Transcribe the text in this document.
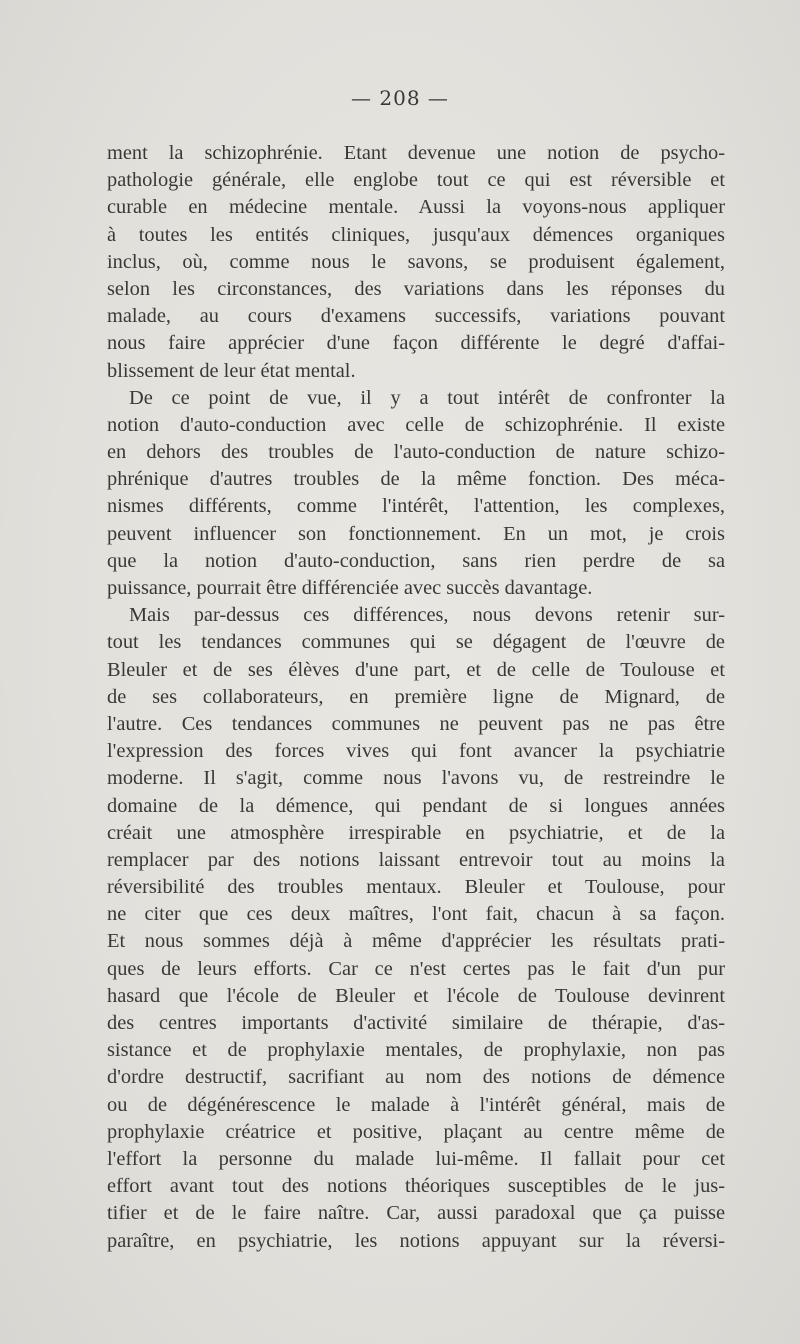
— 208 —
ment la schizophrénie. Etant devenue une notion de psycho-
pathologie générale, elle englobe tout ce qui est réversible et
curable en médecine mentale. Aussi la voyons-nous appliquer
à toutes les entités cliniques, jusqu'aux démences organiques
inclus, où, comme nous le savons, se produisent également,
selon les circonstances, des variations dans les réponses du
malade, au cours d'examens successifs, variations pouvant
nous faire apprécier d'une façon différente le degré d'affai-
blissement de leur état mental.
De ce point de vue, il y a tout intérêt de confronter la
notion d'auto-conduction avec celle de schizophrénie. Il existe
en dehors des troubles de l'auto-conduction de nature schizo-
phrénique d'autres troubles de la même fonction. Des méca-
nismes différents, comme l'intérêt, l'attention, les complexes,
peuvent influencer son fonctionnement. En un mot, je crois
que la notion d'auto-conduction, sans rien perdre de sa
puissance, pourrait être différenciée avec succès davantage.
Mais par-dessus ces différences, nous devons retenir sur-
tout les tendances communes qui se dégagent de l'œuvre de
Bleuler et de ses élèves d'une part, et de celle de Toulouse et
de ses collaborateurs, en première ligne de Mignard, de
l'autre. Ces tendances communes ne peuvent pas ne pas être
l'expression des forces vives qui font avancer la psychiatrie
moderne. Il s'agit, comme nous l'avons vu, de restreindre le
domaine de la démence, qui pendant de si longues années
créait une atmosphère irrespirable en psychiatrie, et de la
remplacer par des notions laissant entrevoir tout au moins la
réversibilité des troubles mentaux. Bleuler et Toulouse, pour
ne citer que ces deux maîtres, l'ont fait, chacun à sa façon.
Et nous sommes déjà à même d'apprécier les résultats prati-
ques de leurs efforts. Car ce n'est certes pas le fait d'un pur
hasard que l'école de Bleuler et l'école de Toulouse devinrent
des centres importants d'activité similaire de thérapie, d'as-
sistance et de prophylaxie mentales, de prophylaxie, non pas
d'ordre destructif, sacrifiant au nom des notions de démence
ou de dégénérescence le malade à l'intérêt général, mais de
prophylaxie créatrice et positive, plaçant au centre même de
l'effort la personne du malade lui-même. Il fallait pour cet
effort avant tout des notions théoriques susceptibles de le jus-
tifier et de le faire naître. Car, aussi paradoxal que ça puisse
paraître, en psychiatrie, les notions appuyant sur la réversi-
